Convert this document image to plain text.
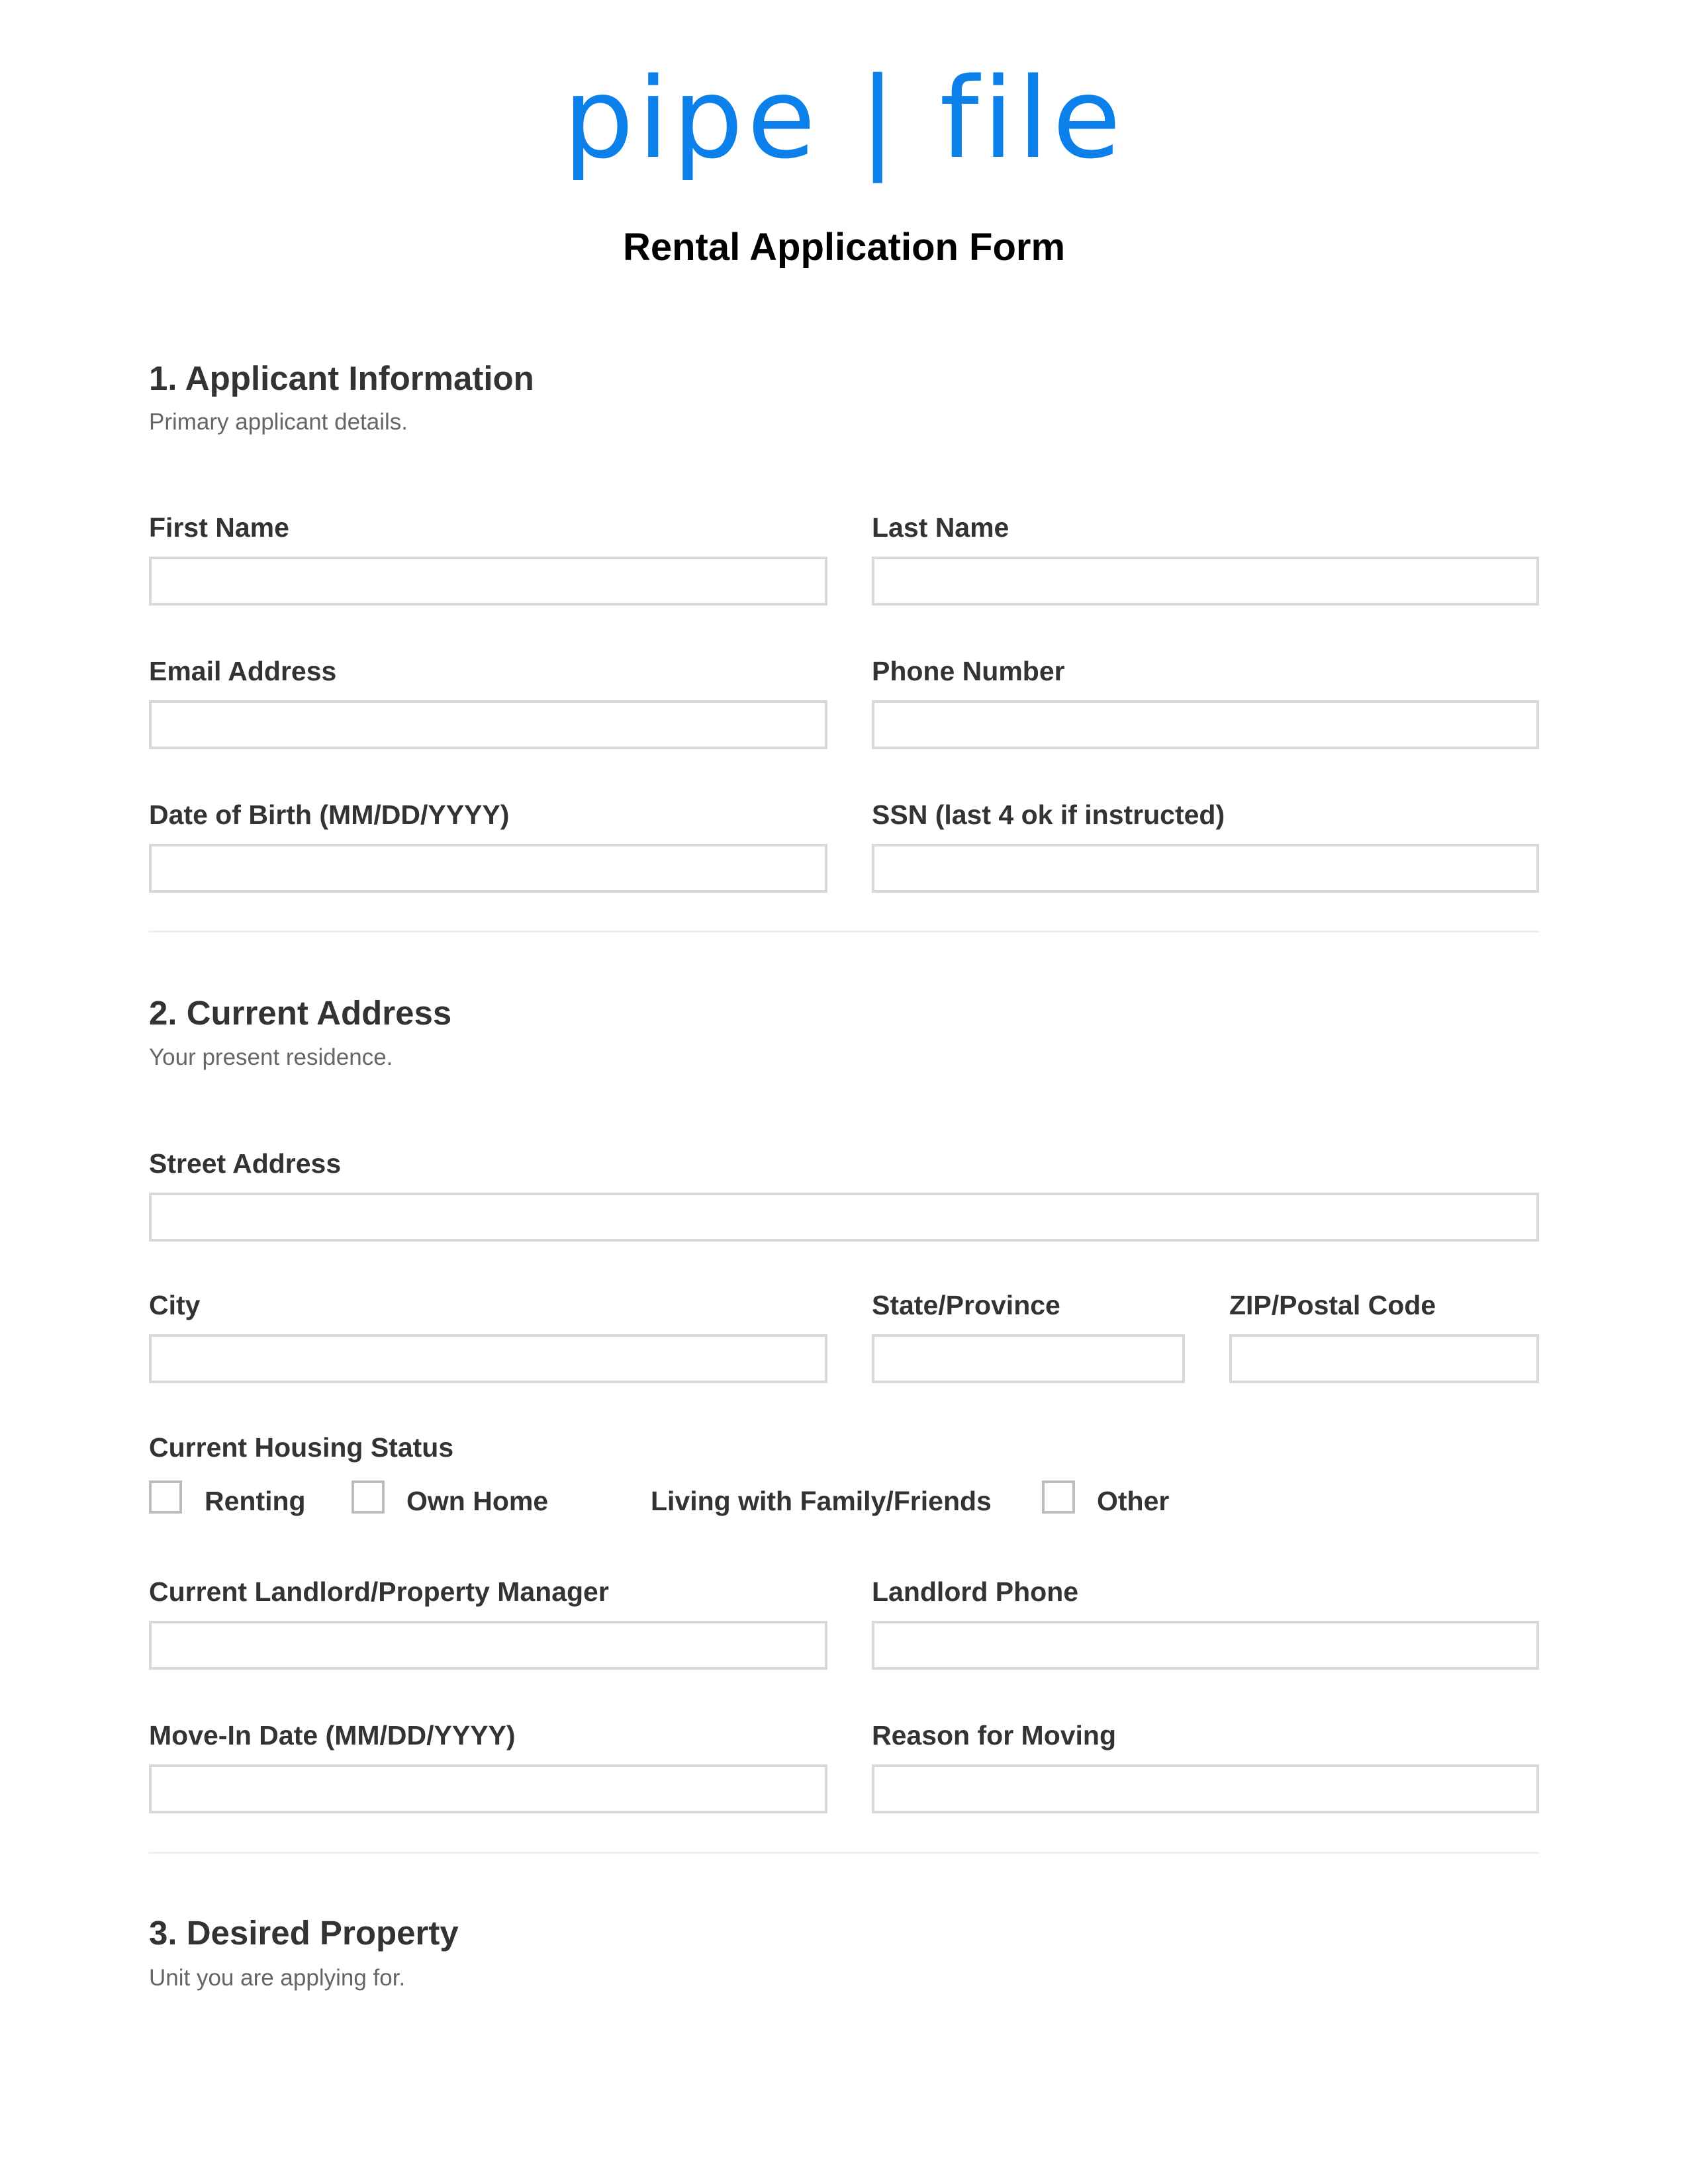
pipe | file
Rental Application Form
1. Applicant Information
Primary applicant details.
First Name	Last Name
Email Address	Phone Number
Date of Birth (MM/DD/YYYY)	SSN (last 4 ok if instructed)
2. Current Address
Your present residence.
Street Address
City	State/Province	ZIP/Postal Code
Current Housing Status
Renting	Own Home	Living with Family/Friends	Other
Current Landlord/Property Manager	Landlord Phone
Move-In Date (MM/DD/YYYY)	Reason for Moving
3. Desired Property
Unit you are applying for.
